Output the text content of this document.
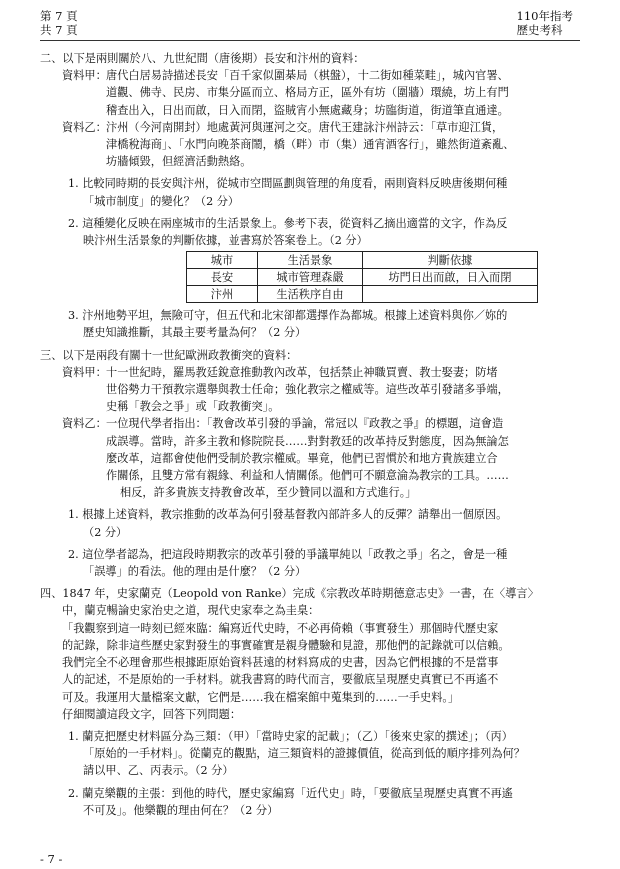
第 7 頁
共 7 頁
110年指考
歷史考科
二、以下是兩則關於八、九世紀間（唐後期）長安和汴州的資料：
資料甲： 唐代白居易詩描述長安「百千家似圍棊局（棋盤），十二街如種菜畦」，城內官署、
道觀、佛寺、民房、市集分區而立、格局方正，區外有坊（圍牆）環繞，坊上有門
稽查出入，日出而啟，日入而閉，盜賊宵小無處藏身；坊臨街道，街道筆直通達。
資料乙： 汴州（今河南開封）地處黃河與運河之交。唐代王建詠汴州詩云：「草市迎江貨，
津橋稅海商」、「水門向晚茶商鬧，橋（畔）市（集）通宵酒客行」，雖然街道紊亂、
坊牆傾毀，但經濟活動熱絡。
1. 比較同時期的長安與汴州，從城市空間區劃與管理的角度看，兩則資料反映唐後期何種
「城市制度」的變化？（2 分）
2. 這種變化反映在兩座城市的生活景象上。參考下表，從資料乙摘出適當的文字，作為反
映汴州生活景象的判斷依據，並書寫於答案卷上。（2 分）
城市	生活景象	判斷依據
長安	城市管理森嚴	坊門日出而啟，日入而閉
汴州	生活秩序自由	
3. 汴州地勢平坦，無險可守，但五代和北宋卻都選擇作為都城。根據上述資料與你／妳的
歷史知識推斷，其最主要考量為何？（2 分）
三、以下是兩段有關十一世紀歐洲政教衝突的資料：
資料甲： 十一世紀時，羅馬教廷銳意推動教內改革，包括禁止神職買賣、教士娶妻；防堵
世俗勢力干預教宗選舉與教士任命；強化教宗之權威等。這些改革引發諸多爭端，
史稱「教会之爭」或「政教衝突」。
資料乙： 一位現代學者指出：「教會改革引發的爭論，常冠以『政教之爭』的標題，這會造
成誤導。當時，許多主教和修院院長……對對教廷的改革持反對態度，因為無論怎
麼改革，這都會使他們受制於教宗權威。畢竟，他們已習慣於和地方貴族建立合
作關係，且雙方常有親緣、利益和人情關係。他們可不願意淪為教宗的工具。……
相反，許多貴族支持教會改革，至少贊同以溫和方式進行。」
1. 根據上述資料，教宗推動的改革為何引發基督教內部許多人的反彈？請舉出一個原因。
（2 分）
2. 這位學者認為，把這段時期教宗的改革引發的爭議單純以「政教之爭」名之，會是一種
「誤導」的看法。他的理由是什麼？（2 分）
四、1847 年，史家蘭克（Leopold von Ranke）完成《宗教改革時期德意志史》一書，在〈導言〉
中，蘭克暢論史家治史之道，現代史家奉之為圭臬：
「我觀察到這一時刻已經來臨：編寫近代史時，不必再倚賴（事實發生）那個時代歷史家
的記錄，除非這些歷史家對發生的事實確實是親身體驗和見證，那他們的記錄就可以信賴。
我們完全不必理會那些根據距原始資料甚遠的材料寫成的史書，因為它們根據的不是當事
人的記述，不是原始的一手材料。就我書寫的時代而言，要徹底呈現歷史真實已不再遙不
可及。我運用大量檔案文獻，它們是……我在檔案館中蒐集到的……一手史料。」
仔細閱讀這段文字，回答下列問題：
1. 蘭克把歷史材料區分為三類：（甲）「當時史家的記載」；（乙）「後來史家的撰述」；（丙）
「原始的一手材料」。從蘭克的觀點，這三類資料的證據價值，從高到低的順序排列為何？
請以甲、乙、丙表示。（2 分）
2. 蘭克樂觀的主張：到他的時代，歷史家編寫「近代史」時，「要徹底呈現歷史真實不再遙
不可及」。他樂觀的理由何在？（2 分）
- 7 -
